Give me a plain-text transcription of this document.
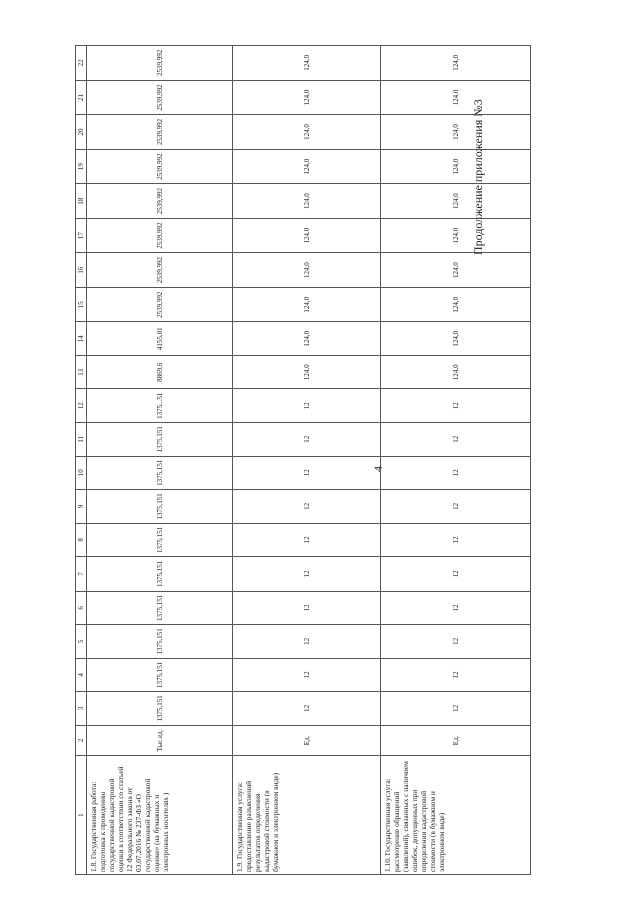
Продолжение приложения №3
4
1	2	3	4	5	6	7	8	9	10	11	12	13	14	15	16	17	18	19	20	21	22
1.8. Государственная работа: подготовка к проведению государственной кадастровой оценки в соответствии со статьей 12 Федерального закона от 03.07.2016 № 237-ФЗ «О государственной кадастровой оценке» (на бумажных и электронных носителях )	Тыс.ед.	1375,151	1375,151	1375,151	1375,151	1375,151	1375,151	1375,151	1375,151	1375,151	1375,..51	8869,6	4155,01	2539,992	2539,992	2539,992	2539,992	2539,992	2539,992	2539,992	2539,992
1.9. Государственная услуга: предоставление разъяснений результатов определения кадастровой стоимости (в бумажном и электронном виде)	Ед.	12	12	12	12	12	12	12	12	12	12	124,0	124,0	124,0	124,0	124,0	124,0	124,0	124,0	124,0	124,0
1.10. Государственная услуга: рассмотрение обращений (заявлений), связанных с наличием ошибок, допущенных при определении кадастровой стоимости (в бумажном и электронном виде)	Ед.	12	12	12	12	12	12	12	12	12	12	124,0	124,0	124,0	124,0	124,0	124,0	124,0	124,0	124,0	124,0
